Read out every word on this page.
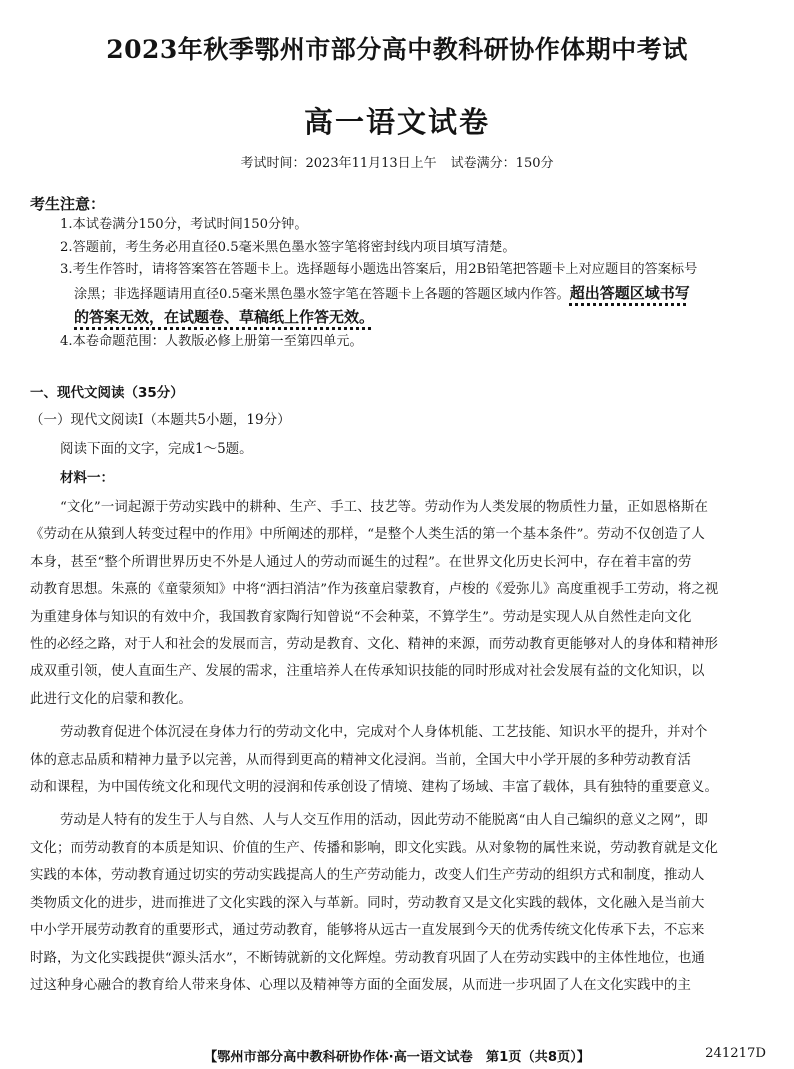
2023年秋季鄂州市部分高中教科研协作体期中考试
高一语文试卷
考试时间：2023年11月13日上午 试卷满分：150分
考生注意：
1.本试卷满分150分，考试时间150分钟。
2.答题前，考生务必用直径0.5毫米黑色墨水签字笔将密封线内项目填写清楚。
3.考生作答时，请将答案答在答题卡上。选择题每小题选出答案后，用2B铅笔把答题卡上对应题目的答案标号
涂黑；非选择题请用直径0.5毫米黑色墨水签字笔在答题卡上各题的答题区域内作答。超出答题区域书写
的答案无效，在试题卷、草稿纸上作答无效。
4.本卷命题范围：人教版必修上册第一至第四单元。
一、现代文阅读（35分）
（一）现代文阅读Ⅰ（本题共5小题，19分）
阅读下面的文字，完成1～5题。
材料一：
“文化”一词起源于劳动实践中的耕种、生产、手工、技艺等。劳动作为人类发展的物质性力量，正如恩格斯在
《劳动在从猿到人转变过程中的作用》中所阐述的那样，“是整个人类生活的第一个基本条件”。劳动不仅创造了人
本身，甚至“整个所谓世界历史不外是人通过人的劳动而诞生的过程”。在世界文化历史长河中，存在着丰富的劳
动教育思想。朱熹的《童蒙须知》中将“洒扫消洁”作为孩童启蒙教育，卢梭的《爱弥儿》高度重视手工劳动，将之视
为重建身体与知识的有效中介，我国教育家陶行知曾说“不会种菜，不算学生”。劳动是实现人从自然性走向文化
性的必经之路，对于人和社会的发展而言，劳动是教育、文化、精神的来源，而劳动教育更能够对人的身体和精神形
成双重引领，使人直面生产、发展的需求，注重培养人在传承知识技能的同时形成对社会发展有益的文化知识，以
此进行文化的启蒙和教化。
劳动教育促进个体沉浸在身体力行的劳动文化中，完成对个人身体机能、工艺技能、知识水平的提升，并对个
体的意志品质和精神力量予以完善，从而得到更高的精神文化浸润。当前，全国大中小学开展的多种劳动教育活
动和课程，为中国传统文化和现代文明的浸润和传承创设了情境、建构了场域、丰富了载体，具有独特的重要意义。
劳动是人特有的发生于人与自然、人与人交互作用的活动，因此劳动不能脱离“由人自己编织的意义之网”，即
文化；而劳动教育的本质是知识、价值的生产、传播和影响，即文化实践。从对象物的属性来说，劳动教育就是文化
实践的本体，劳动教育通过切实的劳动实践提高人的生产劳动能力，改变人们生产劳动的组织方式和制度，推动人
类物质文化的进步，进而推进了文化实践的深入与革新。同时，劳动教育又是文化实践的载体，文化融入是当前大
中小学开展劳动教育的重要形式，通过劳动教育，能够将从远古一直发展到今天的优秀传统文化传承下去，不忘来
时路，为文化实践提供“源头活水”，不断铸就新的文化辉煌。劳动教育巩固了人在劳动实践中的主体性地位，也通
过这种身心融合的教育给人带来身体、心理以及精神等方面的全面发展，从而进一步巩固了人在文化实践中的主
【鄂州市部分高中教科研协作体·高一语文试卷　第1页（共8页）】	241217D
